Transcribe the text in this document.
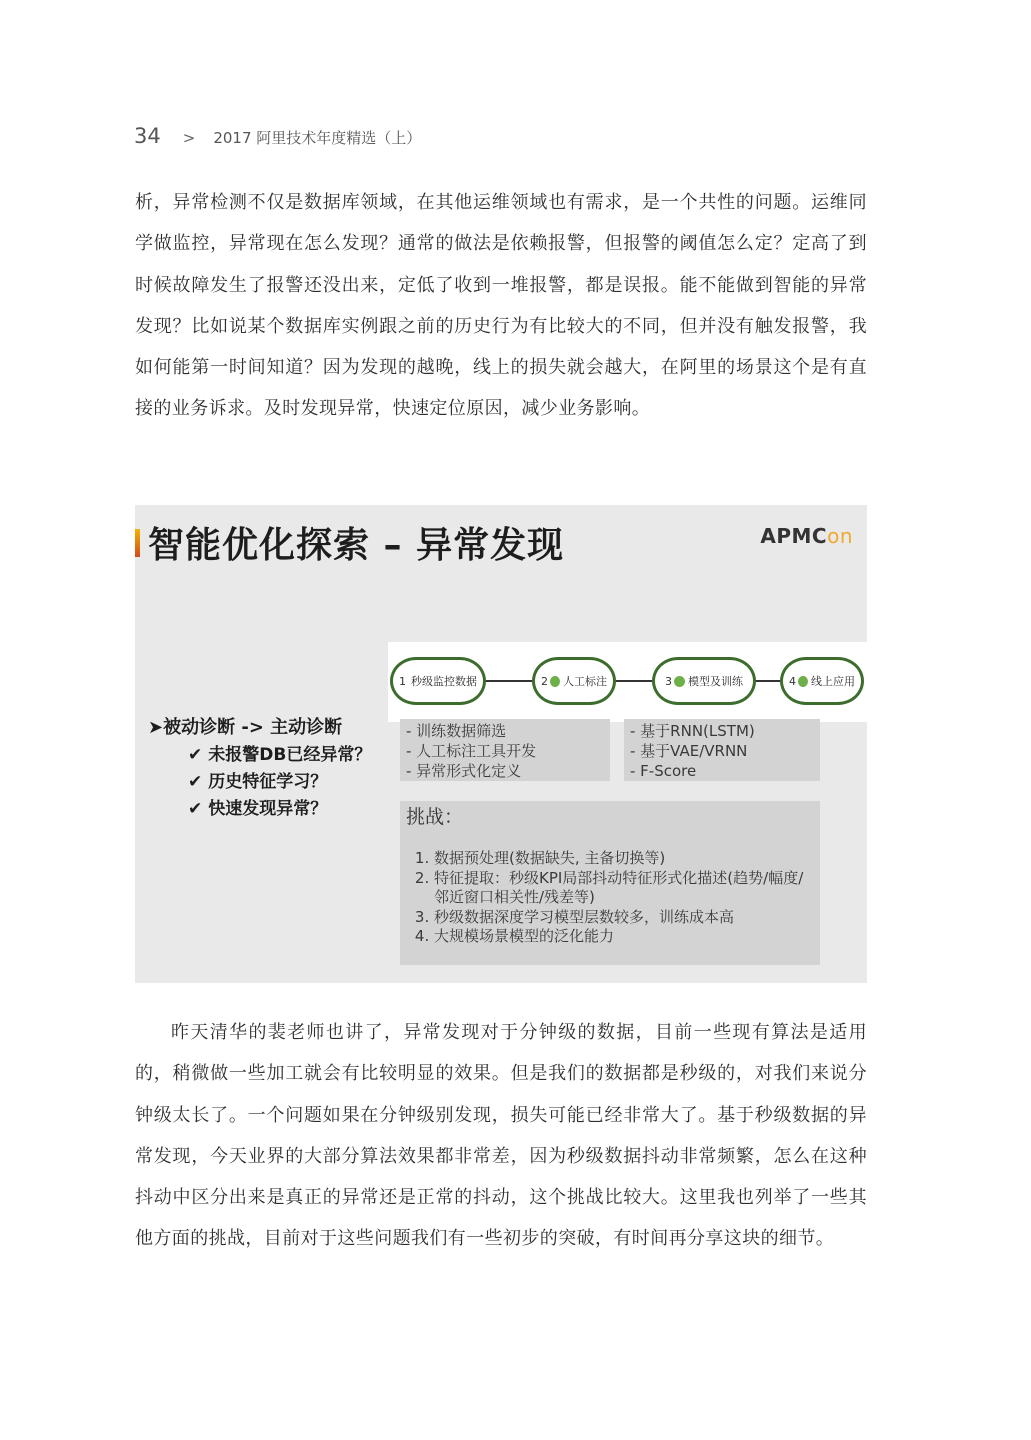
34 > 2017 阿里技术年度精选（上）

析，异常检测不仅是数据库领域，在其他运维领域也有需求，是一个共性的问题。运维同学做监控，异常现在怎么发现？通常的做法是依赖报警，但报警的阈值怎么定？定高了到时候故障发生了报警还没出来，定低了收到一堆报警，都是误报。能不能做到智能的异常发现？比如说某个数据库实例跟之前的历史行为有比较大的不同，但并没有触发报警，我如何能第一时间知道？因为发现的越晚，线上的损失就会越大，在阿里的场景这个是有直接的业务诉求。及时发现异常，快速定位原因，减少业务影响。

智能优化探索 – 异常发现	APMCon
1 秒级监控数据	2 人工标注	3 模型及训练	4 线上应用
➤被动诊断 -> 主动诊断
✔ 未报警DB已经异常？
✔ 历史特征学习？
✔ 快速发现异常？
- 训练数据筛选
- 人工标注工具开发
- 异常形式化定义
- 基于RNN(LSTM)
- 基于VAE/VRNN
- F-Score
挑战：
1. 数据预处理(数据缺失, 主备切换等)
2. 特征提取：秒级KPI局部抖动特征形式化描述(趋势/幅度/邻近窗口相关性/残差等)
3. 秒级数据深度学习模型层数较多，训练成本高
4. 大规模场景模型的泛化能力

昨天清华的裴老师也讲了，异常发现对于分钟级的数据，目前一些现有算法是适用的，稍微做一些加工就会有比较明显的效果。但是我们的数据都是秒级的，对我们来说分钟级太长了。一个问题如果在分钟级别发现，损失可能已经非常大了。基于秒级数据的异常发现，今天业界的大部分算法效果都非常差，因为秒级数据抖动非常频繁，怎么在这种抖动中区分出来是真正的异常还是正常的抖动，这个挑战比较大。这里我也列举了一些其他方面的挑战，目前对于这些问题我们有一些初步的突破，有时间再分享这块的细节。
